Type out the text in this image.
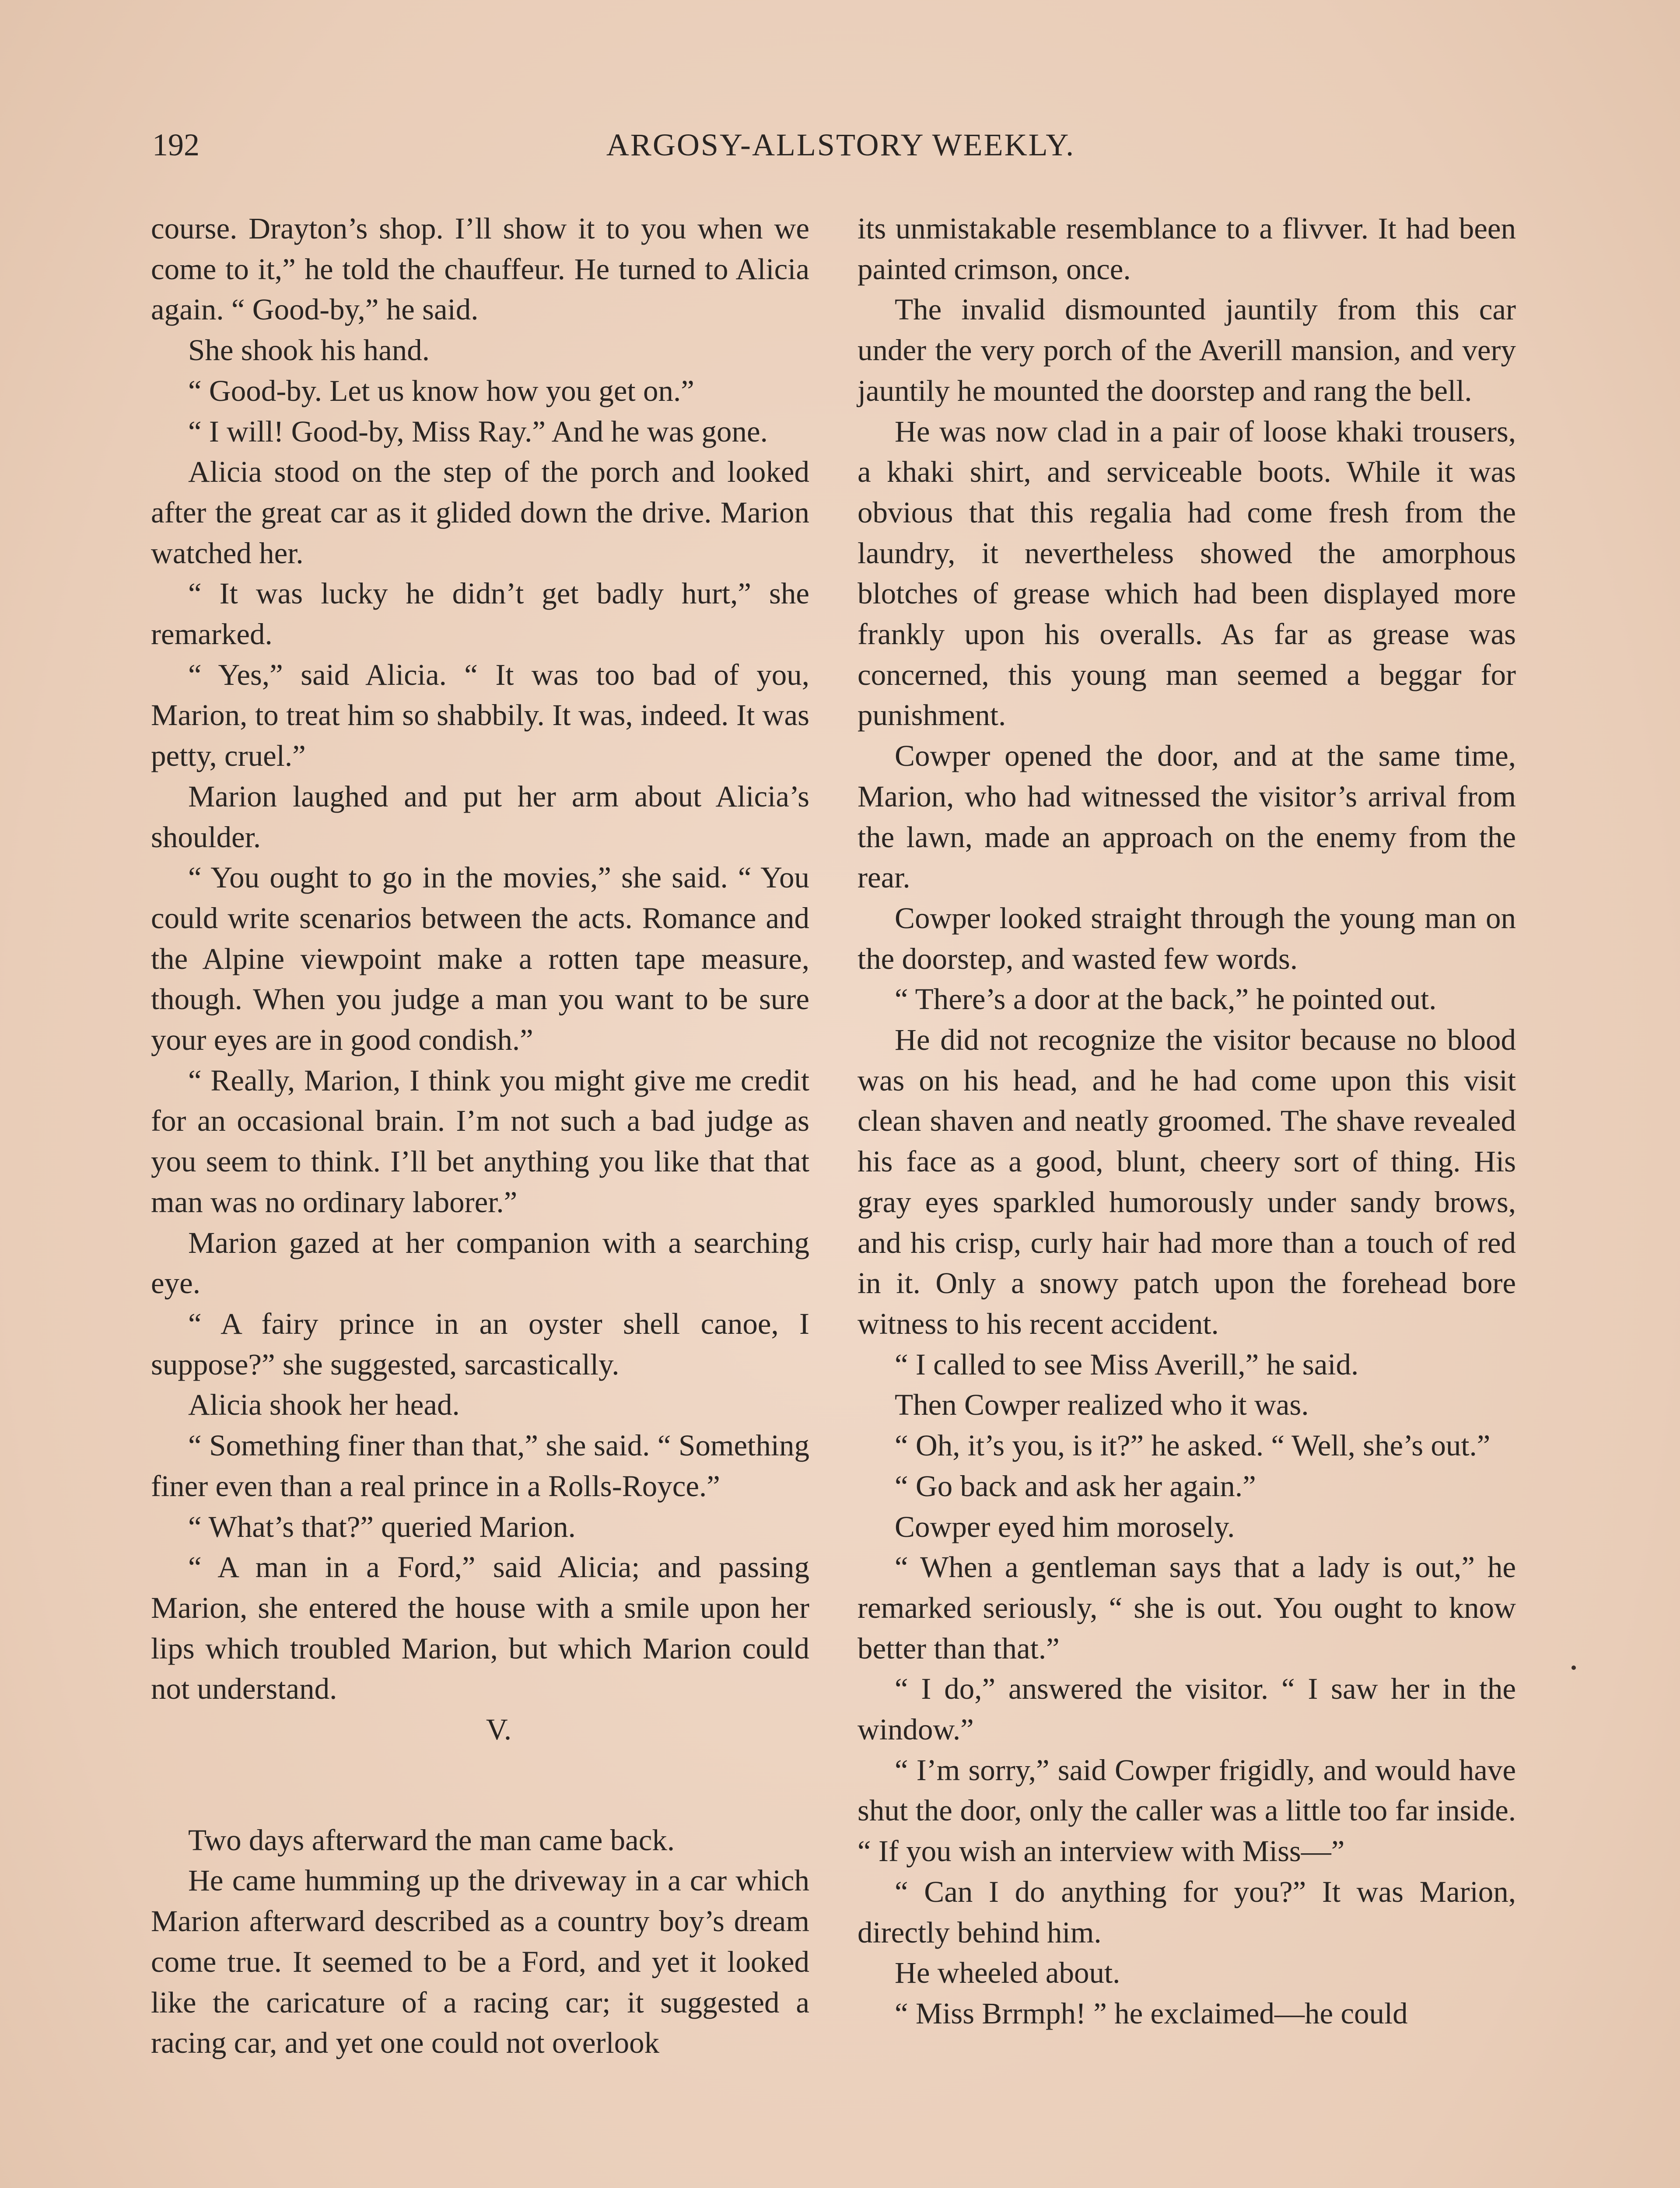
192	ARGOSY-ALLSTORY WEEKLY.

course. Drayton’s shop. I’ll show it to you when we come to it,” he told the chauffeur. He turned to Alicia again. “ Good-by,” he said.

She shook his hand.

“ Good-by. Let us know how you get on.”

“ I will! Good-by, Miss Ray.” And he was gone.

Alicia stood on the step of the porch and looked after the great car as it glided down the drive. Marion watched her.

“ It was lucky he didn’t get badly hurt,” she remarked.

“ Yes,” said Alicia. “ It was too bad of you, Marion, to treat him so shabbily. It was, indeed. It was petty, cruel.”

Marion laughed and put her arm about Alicia’s shoulder.

“ You ought to go in the movies,” she said. “ You could write scenarios between the acts. Romance and the Alpine viewpoint make a rotten tape measure, though. When you judge a man you want to be sure your eyes are in good condish.”

“ Really, Marion, I think you might give me credit for an occasional brain. I’m not such a bad judge as you seem to think. I’ll bet anything you like that that man was no ordinary laborer.”

Marion gazed at her companion with a searching eye.

“ A fairy prince in an oyster shell canoe, I suppose?” she suggested, sarcastically.

Alicia shook her head.

“ Something finer than that,” she said. “ Something finer even than a real prince in a Rolls-Royce.”

“ What’s that?” queried Marion.

“ A man in a Ford,” said Alicia; and passing Marion, she entered the house with a smile upon her lips which troubled Marion, but which Marion could not understand.

V.

Two days afterward the man came back.

He came humming up the driveway in a car which Marion afterward described as a country boy’s dream come true. It seemed to be a Ford, and yet it looked like the caricature of a racing car; it suggested a racing car, and yet one could not overlook

its unmistakable resemblance to a flivver. It had been painted crimson, once.

The invalid dismounted jauntily from this car under the very porch of the Averill mansion, and very jauntily he mounted the doorstep and rang the bell.

He was now clad in a pair of loose khaki trousers, a khaki shirt, and serviceable boots. While it was obvious that this regalia had come fresh from the laundry, it nevertheless showed the amorphous blotches of grease which had been displayed more frankly upon his overalls. As far as grease was concerned, this young man seemed a beggar for punishment.

Cowper opened the door, and at the same time, Marion, who had witnessed the visitor’s arrival from the lawn, made an approach on the enemy from the rear.

Cowper looked straight through the young man on the doorstep, and wasted few words.

“ There’s a door at the back,” he pointed out.

He did not recognize the visitor because no blood was on his head, and he had come upon this visit clean shaven and neatly groomed. The shave revealed his face as a good, blunt, cheery sort of thing. His gray eyes sparkled humorously under sandy brows, and his crisp, curly hair had more than a touch of red in it. Only a snowy patch upon the forehead bore witness to his recent accident.

“ I called to see Miss Averill,” he said.

Then Cowper realized who it was.

“ Oh, it’s you, is it?” he asked. “ Well, she’s out.”

“ Go back and ask her again.”

Cowper eyed him morosely.

“ When a gentleman says that a lady is out,” he remarked seriously, “ she is out. You ought to know better than that.”

“ I do,” answered the visitor. “ I saw her in the window.”

“ I’m sorry,” said Cowper frigidly, and would have shut the door, only the caller was a little too far inside. “ If you wish an interview with Miss—”

“ Can I do anything for you?” It was Marion, directly behind him.

He wheeled about.

“ Miss Brrmph! ” he exclaimed—he could
